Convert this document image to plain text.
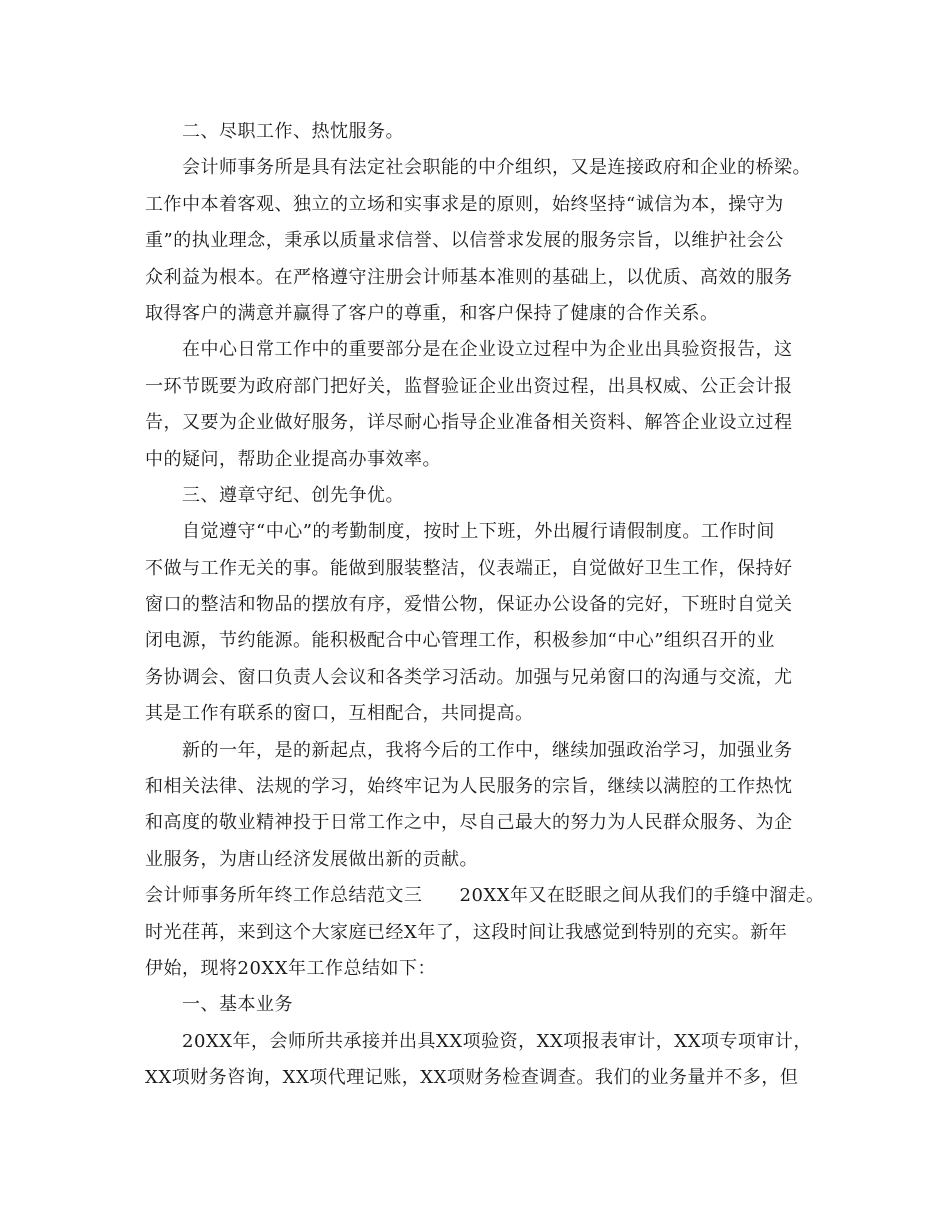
二、尽职工作、热忱服务。
会计师事务所是具有法定社会职能的中介组织，又是连接政府和企业的桥梁。
工作中本着客观、独立的立场和实事求是的原则，始终坚持“诚信为本，操守为
重”的执业理念，秉承以质量求信誉、以信誉求发展的服务宗旨，以维护社会公
众利益为根本。在严格遵守注册会计师基本准则的基础上，以优质、高效的服务
取得客户的满意并赢得了客户的尊重，和客户保持了健康的合作关系。
在中心日常工作中的重要部分是在企业设立过程中为企业出具验资报告，这
一环节既要为政府部门把好关，监督验证企业出资过程，出具权威、公正会计报
告，又要为企业做好服务，详尽耐心指导企业准备相关资料、解答企业设立过程
中的疑问，帮助企业提高办事效率。
三、遵章守纪、创先争优。
自觉遵守“中心”的考勤制度，按时上下班，外出履行请假制度。工作时间
不做与工作无关的事。能做到服装整洁，仪表端正，自觉做好卫生工作，保持好
窗口的整洁和物品的摆放有序，爱惜公物，保证办公设备的完好，下班时自觉关
闭电源，节约能源。能积极配合中心管理工作，积极参加“中心”组织召开的业
务协调会、窗口负责人会议和各类学习活动。加强与兄弟窗口的沟通与交流，尤
其是工作有联系的窗口，互相配合，共同提高。
新的一年，是的新起点，我将今后的工作中，继续加强政治学习，加强业务
和相关法律、法规的学习，始终牢记为人民服务的宗旨，继续以满腔的工作热忱
和高度的敬业精神投于日常工作之中，尽自己最大的努力为人民群众服务、为企
业服务，为唐山经济发展做出新的贡献。
会计师事务所年终工作总结范文三　　20XX年又在眨眼之间从我们的手缝中溜走。
时光荏苒，来到这个大家庭已经X年了，这段时间让我感觉到特别的充实。新年
伊始，现将20XX年工作总结如下：
一、基本业务
20XX年，会师所共承接并出具XX项验资，XX项报表审计，XX项专项审计，
XX项财务咨询，XX项代理记账，XX项财务检查调查。我们的业务量并不多，但
